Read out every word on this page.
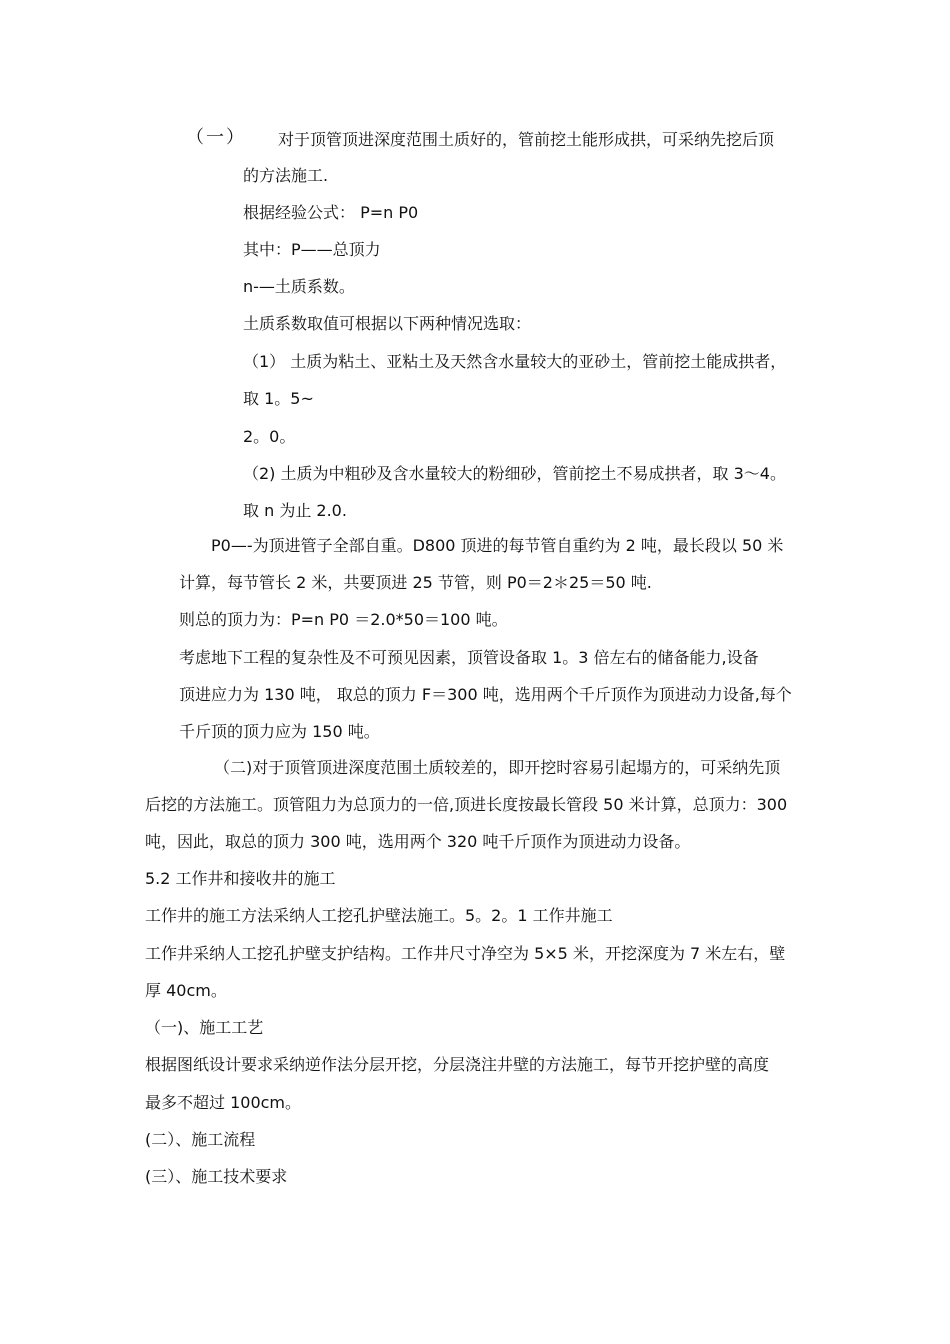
（一） 对于顶管顶进深度范围土质好的，管前挖土能形成拱，可采纳先挖后顶
的方法施工.
根据经验公式： P=n P0
其中：P——总顶力
n-—土质系数。
土质系数取值可根据以下两种情况选取：
（1） 土质为粘土、亚粘土及天然含水量较大的亚砂土，管前挖土能成拱者，
取 1。5~
2。0。
（2) 土质为中粗砂及含水量较大的粉细砂，管前挖土不易成拱者，取 3～4。
取 n 为止 2.0.
P0—-为顶进管子全部自重。D800 顶进的每节管自重约为 2 吨，最长段以 50 米
计算，每节管长 2 米，共要顶进 25 节管，则 P0＝2＊25＝50 吨.
则总的顶力为：P=n P0 ＝2.0*50＝100 吨。
考虑地下工程的复杂性及不可预见因素，顶管设备取 1。3 倍左右的储备能力,设备
顶进应力为 130 吨， 取总的顶力 F＝300 吨，选用两个千斤顶作为顶进动力设备,每个
千斤顶的顶力应为 150 吨。
（二)对于顶管顶进深度范围土质较差的，即开挖时容易引起塌方的，可采纳先顶
后挖的方法施工。顶管阻力为总顶力的一倍,顶进长度按最长管段 50 米计算，总顶力：300
吨，因此，取总的顶力 300 吨，选用两个 320 吨千斤顶作为顶进动力设备。
5.2 工作井和接收井的施工
工作井的施工方法采纳人工挖孔护壁法施工。5。2。1 工作井施工
工作井采纳人工挖孔护壁支护结构。工作井尺寸净空为 5×5 米，开挖深度为 7 米左右，壁
厚 40cm。
（一)、施工工艺
根据图纸设计要求采纳逆作法分层开挖，分层浇注井壁的方法施工，每节开挖护壁的高度
最多不超过 100cm。
(二）、施工流程
(三）、施工技术要求
